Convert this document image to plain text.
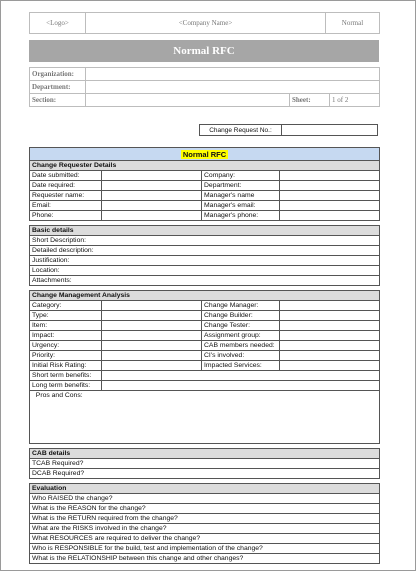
<Logo>	<Company Name>	Normal
Normal RFC
Organization:			
Department:			
Section:		Sheet:	1 of 2
Change Request No.:	
Normal RFC			
Change Requester Details			
Date submitted:		Company:	
Date required:		Department:	
Requester name:		Manager's name	
Email:		Manager's email:	
Phone:		Manager's phone:	

Basic details			
Short Description:			
Detailed description:			
Justification:			
Location:			
Attachments:			

Change Management Analysis			
Category:		Change Manager:	
Type:		Change Builder:	
Item:		Change Tester:	
Impact:		Assignment group:	
Urgency:		CAB members needed:	
Priority:		CI's involved:	
Initial Risk Rating:		Impacted Services:	
Short term benefits:			
Long term benefits:			
Pros and Cons:			

CAB details			
TCAB Required?			
DCAB Required?			

Evaluation			
Who RAISED the change?			
What is the REASON for the change?			
What is the RETURN required from the change?			
What are the RISKS involved in the change?			
What RESOURCES are required to deliver the change?			
Who is RESPONSIBLE for the build, test and implementation of the change?			
What is the RELATIONSHIP between this change and other changes?			
